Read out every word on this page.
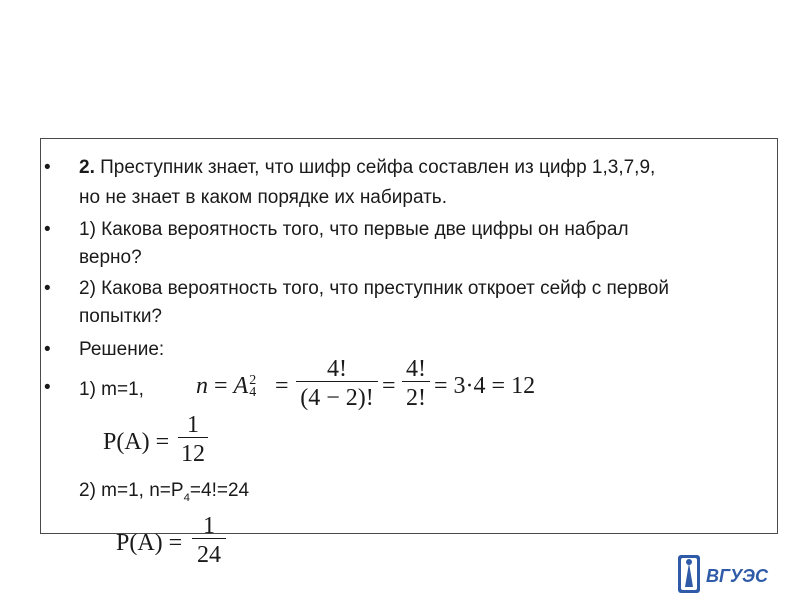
•
•
•
•
•
2. Преступник знает, что шифр сейфа составлен из цифр 1,3,7,9,
но не знает в каком порядке их набирать.
1) Какова вероятность того, что первые две цифры он набрал
верно?
2) Какова вероятность того, что преступник откроет сейф с первой
попытки?
Решение:
1) m=1, n = A 2
4 =
4!
(4 − 2)! =
4!
2! = 3·4 = 12
P(A) =
1
12
2) m=1, $n=P_4=4!=24$
P(A) =
1
24
ВГУЭС
